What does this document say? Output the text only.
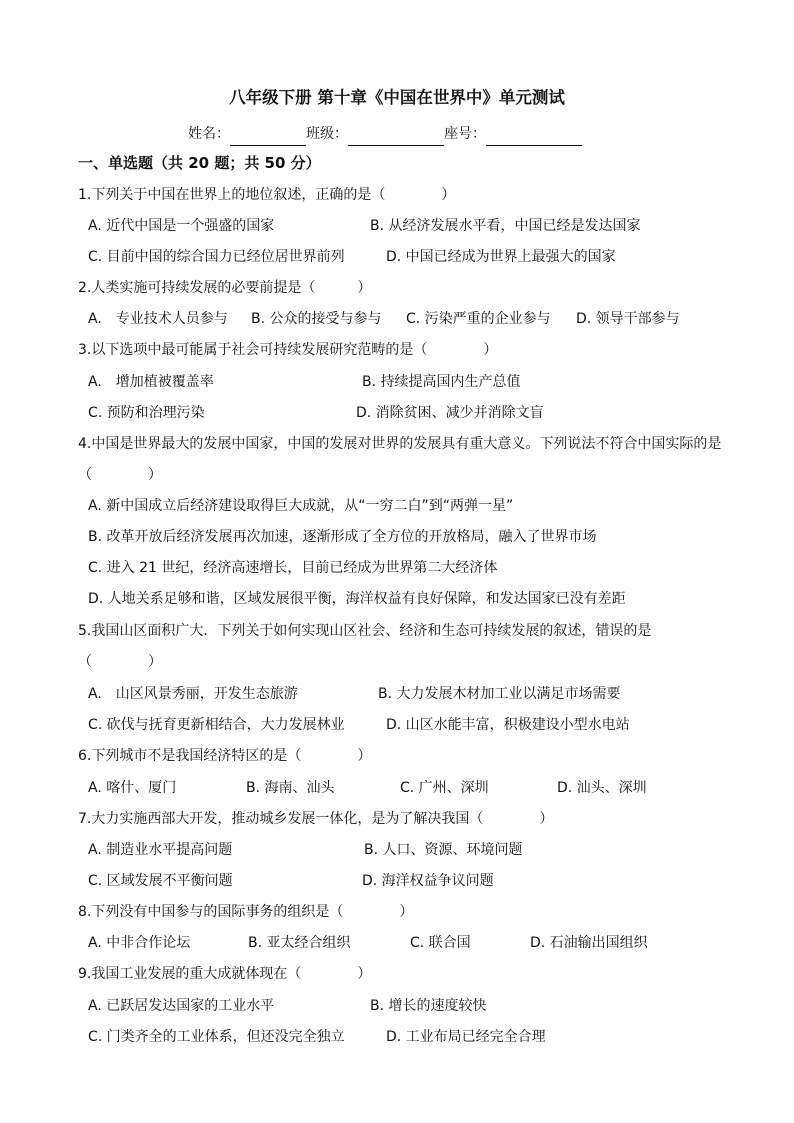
八年级下册 第十章《中国在世界中》单元测试
姓名：	班级：	座号：
一、单选题（共 20 题；共 50 分）
1.下列关于中国在世界上的地位叙述，正确的是（　　　　）
A. 近代中国是一个强盛的国家	B. 从经济发展水平看，中国已经是发达国家
C. 目前中国的综合国力已经位居世界前列	D. 中国已经成为世界上最强大的国家
2.人类实施可持续发展的必要前提是（　　　）
A.　专业技术人员参与 B. 公众的接受与参与 C. 污染严重的企业参与 D. 领导干部参与
3.以下选项中最可能属于社会可持续发展研究范畴的是（　　　　）
A.　增加植被覆盖率	B. 持续提高国内生产总值
C. 预防和治理污染	D. 消除贫困、减少并消除文盲
4.中国是世界最大的发展中国家，中国的发展对世界的发展具有重大意义。下列说法不符合中国实际的是
（　　　　）
A. 新中国成立后经济建设取得巨大成就，从“一穷二白”到“两弹一星”
B. 改革开放后经济发展再次加速，逐渐形成了全方位的开放格局，融入了世界市场
C. 进入 21 世纪，经济高速增长，目前已经成为世界第二大经济体
D. 人地关系足够和谐，区域发展很平衡，海洋权益有良好保障，和发达国家已没有差距
5.我国山区面积广大．下列关于如何实现山区社会、经济和生态可持续发展的叙述，错误的是
（　　　　）
A.　山区风景秀丽，开发生态旅游	B. 大力发展木材加工业以满足市场需要
C. 砍伐与抚育更新相结合，大力发展林业	D. 山区水能丰富，积极建设小型水电站
6.下列城市不是我国经济特区的是（　　　　）
A. 喀什、厦门	B. 海南、汕头	C. 广州、深圳	D. 汕头、深圳
7.大力实施西部大开发，推动城乡发展一体化，是为了解决我国（　　　　）
A. 制造业水平提高问题	B. 人口、资源、环境问题
C. 区域发展不平衡问题	D. 海洋权益争议问题
8.下列没有中国参与的国际事务的组织是（　　　　）
A. 中非合作论坛	B. 亚太经合组织	C. 联合国	D. 石油输出国组织
9.我国工业发展的重大成就体现在（　　　　）
A. 已跃居发达国家的工业水平	B. 增长的速度较快
C. 门类齐全的工业体系，但还没完全独立	D. 工业布局已经完全合理
